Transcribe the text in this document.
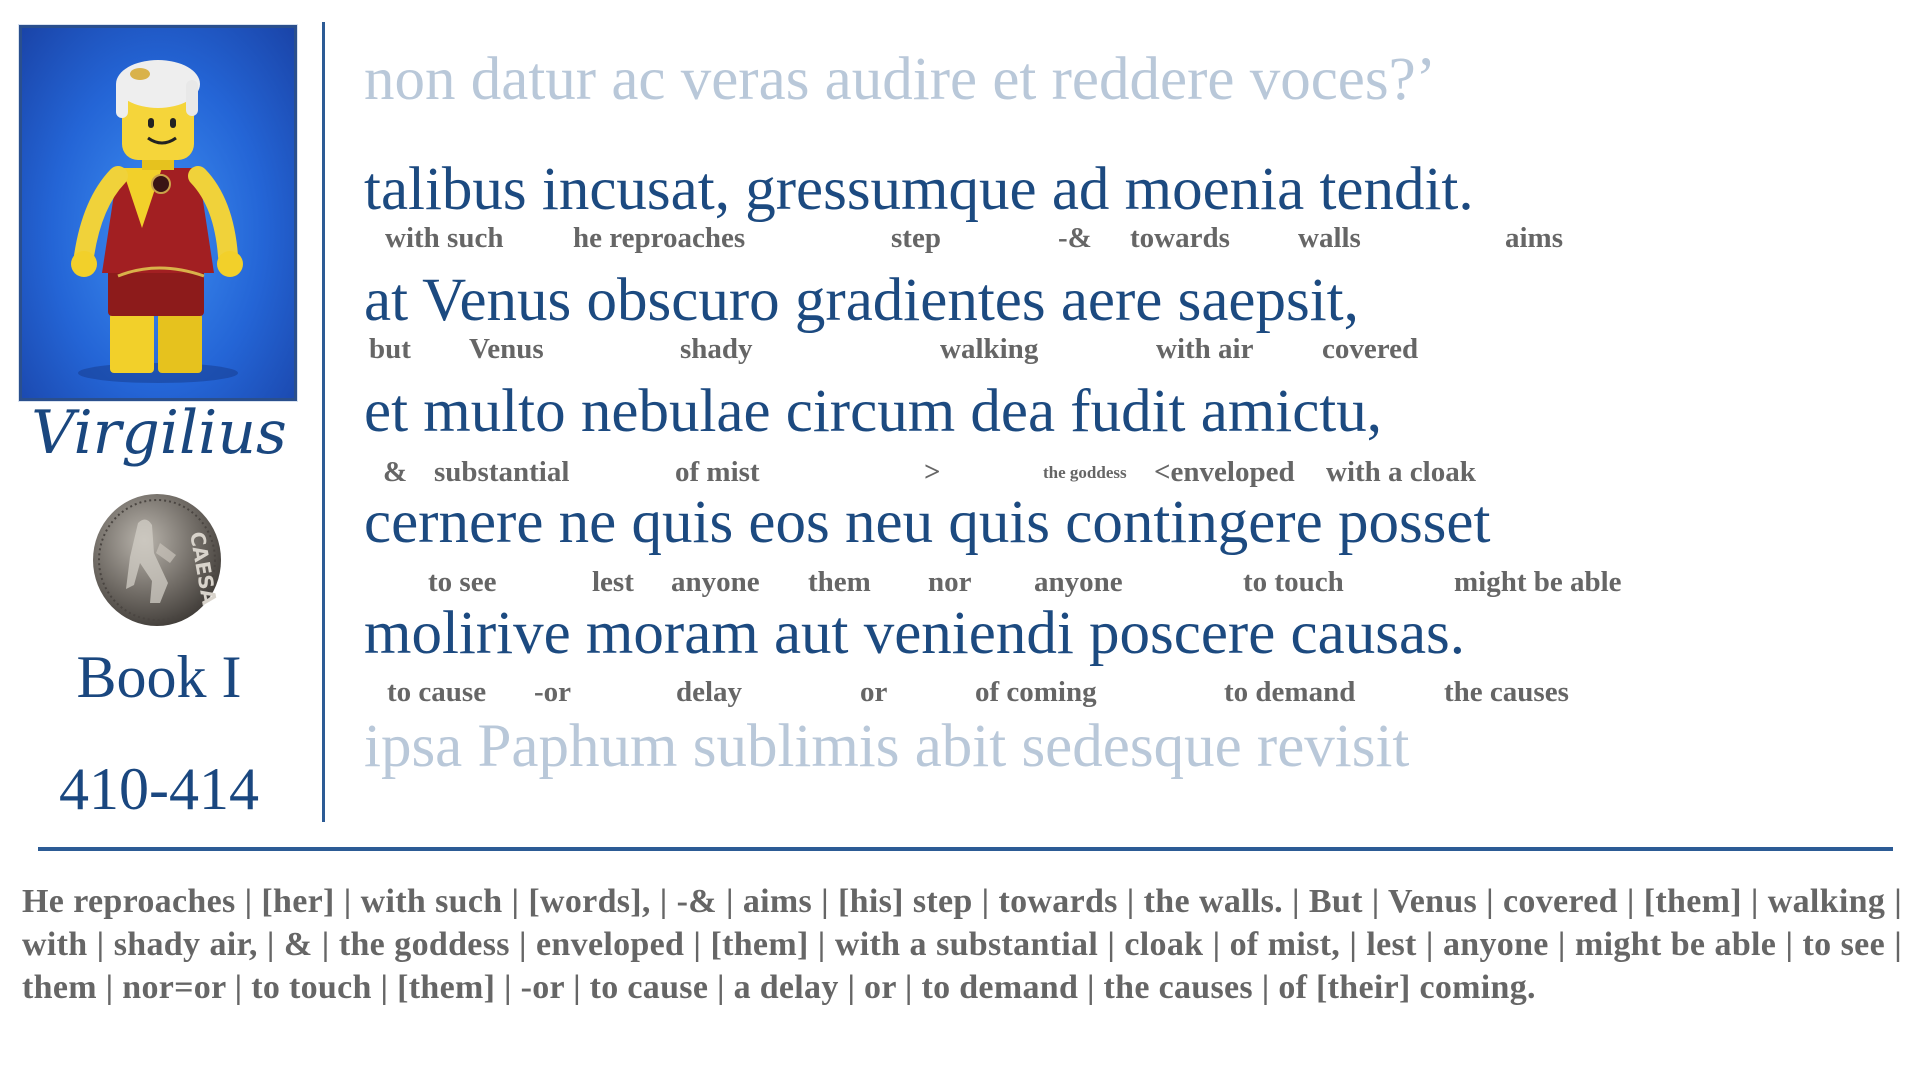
Virgilius
CAESA
Book I
410-414
non datur ac veras audire et reddere voces?’
talibus incusat, gressumque ad moenia tendit.
with such he reproaches	step	-& towards walls	aims
at Venus obscuro gradientes aere saepsit,
but Venus	shady	walking	with air covered
et multo nebulae circum dea fudit amictu,
& substantial	of mist	>	the goddess <enveloped with a cloak
cernere ne quis eos neu quis contingere posset
to see	lest anyone them nor anyone	to touch	might be able
molirive moram aut veniendi poscere causas.
to cause -or	delay	or	of coming	to demand	the causes
ipsa Paphum sublimis abit sedesque revisit
He reproaches | [her] | with such | [words], | -& | aims | [his] step | towards | the walls. | But | Venus | covered | [them] | walking | with | shady air, | & | the goddess | enveloped | [them] | with a substantial | cloak | of mist, | lest | anyone | might be able | to see | them | nor=or | to touch | [them] | -or | to cause | a delay | or | to demand | the causes | of [their] coming.
